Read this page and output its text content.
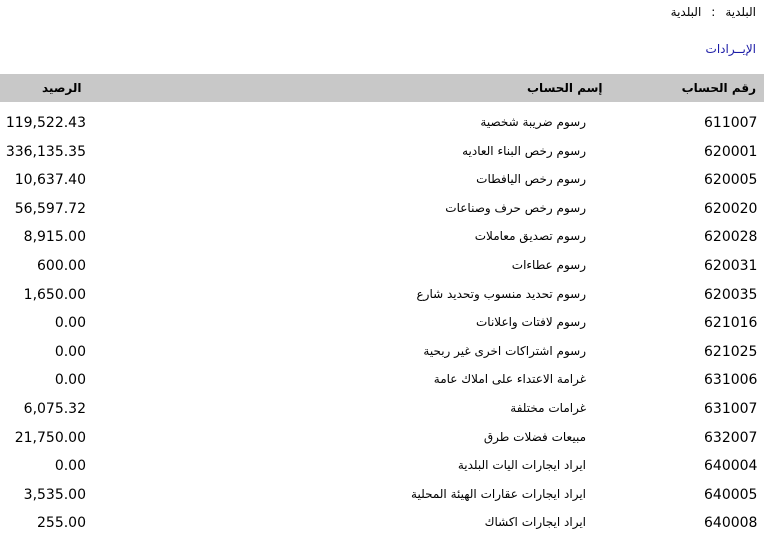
البلدية:البلدية
الإيــرادات
رقم الحساب
إسم الحساب
الرصيد
611007
رسوم ضريبة شخصية
119,522.43
620001
رسوم رخص البناء العاديه
336,135.35
620005
رسوم رخص اليافطات
10,637.40
620020
رسوم رخص حرف وصناعات
56,597.72
620028
رسوم تصديق معاملات
8,915.00
620031
رسوم عطاءات
600.00
620035
رسوم تحديد منسوب وتحديد شارع
1,650.00
621016
رسوم لافتات واعلانات
0.00
621025
رسوم اشتراكات اخرى غير ربحية
0.00
631006
غرامة الاعتداء على املاك عامة
0.00
631007
غرامات مختلفة
6,075.32
632007
مبيعات فضلات طرق
21,750.00
640004
ايراد ايجارات اليات البلدية
0.00
640005
ايراد ايجارات عقارات الهيئة المحلية
3,535.00
640008
ايراد ايجارات اكشاك
255.00
